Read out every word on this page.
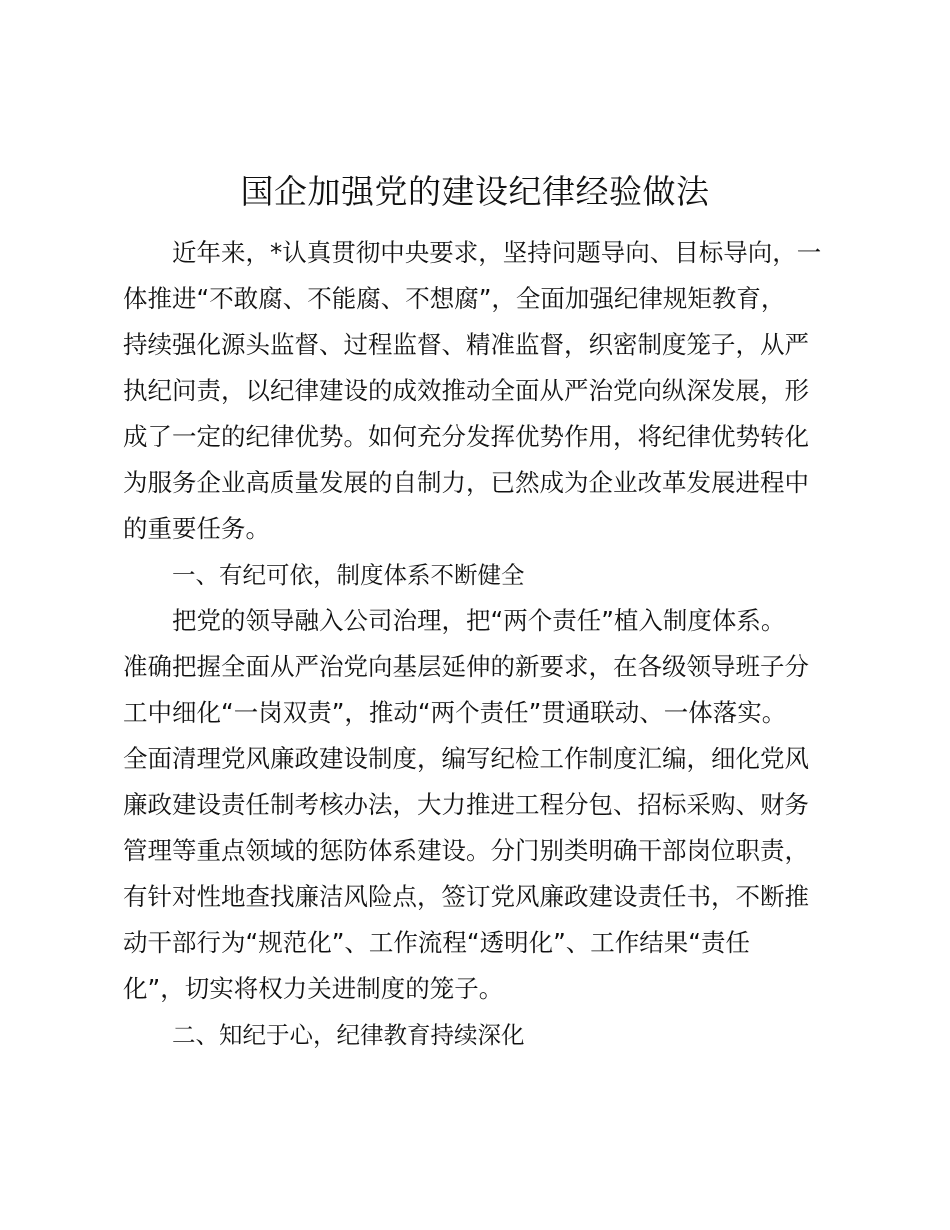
国企加强党的建设纪律经验做法
近年来，*认真贯彻中央要求，坚持问题导向、目标导向，一
体推进“不敢腐、不能腐、不想腐”，全面加强纪律规矩教育，
持续强化源头监督、过程监督、精准监督，织密制度笼子，从严
执纪问责，以纪律建设的成效推动全面从严治党向纵深发展，形
成了一定的纪律优势。如何充分发挥优势作用，将纪律优势转化
为服务企业高质量发展的自制力，已然成为企业改革发展进程中
的重要任务。
一、有纪可依，制度体系不断健全
把党的领导融入公司治理，把“两个责任”植入制度体系。
准确把握全面从严治党向基层延伸的新要求，在各级领导班子分
工中细化“一岗双责”，推动“两个责任”贯通联动、一体落实。
全面清理党风廉政建设制度，编写纪检工作制度汇编，细化党风
廉政建设责任制考核办法，大力推进工程分包、招标采购、财务
管理等重点领域的惩防体系建设。分门别类明确干部岗位职责，
有针对性地查找廉洁风险点，签订党风廉政建设责任书，不断推
动干部行为“规范化”、工作流程“透明化”、工作结果“责任
化”，切实将权力关进制度的笼子。
二、知纪于心，纪律教育持续深化
